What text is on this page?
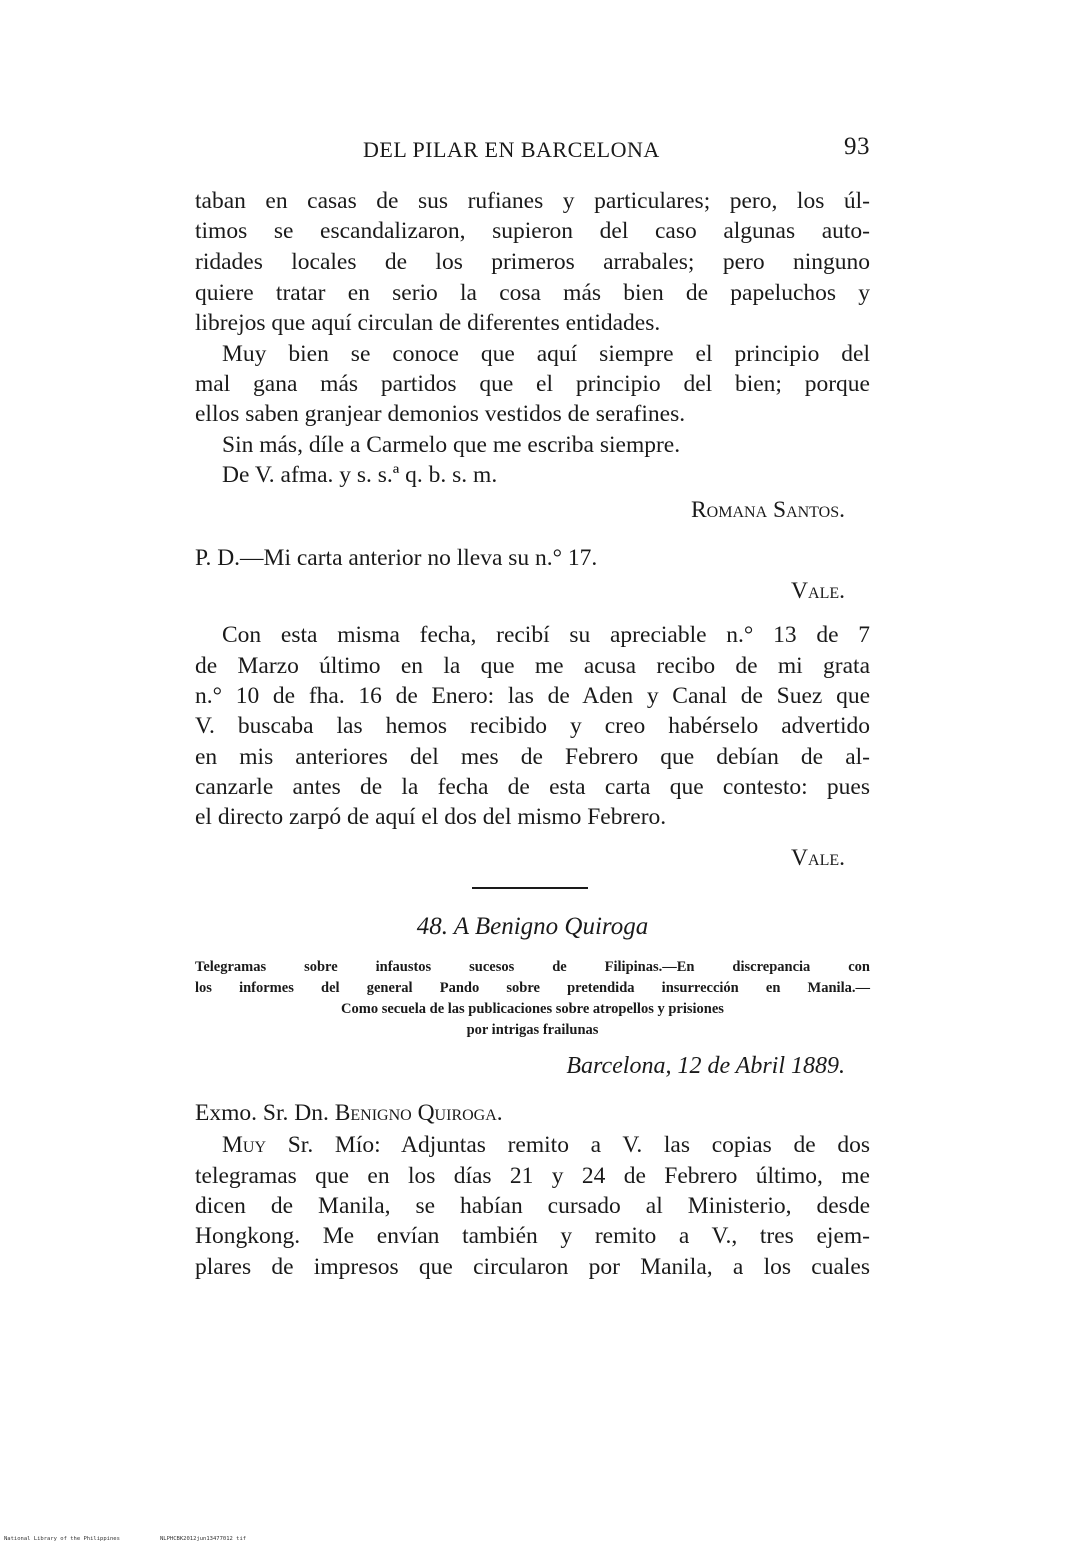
DEL PILAR EN BARCELONA	93
taban en casas de sus rufianes y particulares; pero, los úl-
timos se escandalizaron, supieron del caso algunas auto-
ridades locales de los primeros arrabales; pero ninguno
quiere tratar en serio la cosa más bien de papeluchos y
librejos que aquí circulan de diferentes entidades.
Muy bien se conoce que aquí siempre el principio del
mal gana más partidos que el principio del bien; porque
ellos saben granjear demonios vestidos de serafines.
Sin más, díle a Carmelo que me escriba siempre.
De V. afma. y s. s.ª q. b. s. m.
Romana Santos.
P. D.—Mi carta anterior no lleva su n.° 17.
Vale.
Con esta misma fecha, recibí su apreciable n.° 13 de 7
de Marzo último en la que me acusa recibo de mi grata
n.° 10 de fha. 16 de Enero: las de Aden y Canal de Suez que
V. buscaba las hemos recibido y creo habérselo advertido
en mis anteriores del mes de Febrero que debían de al-
canzarle antes de la fecha de esta carta que contesto: pues
el directo zarpó de aquí el dos del mismo Febrero.
Vale.
48. A Benigno Quiroga
Telegramas sobre infaustos sucesos de Filipinas.—En discrepancia con
los informes del general Pando sobre pretendida insurrección en Manila.—
Como secuela de las publicaciones sobre atropellos y prisiones
por intrigas frailunas
Barcelona, 12 de Abril 1889.
Exmo. Sr. Dn. Benigno Quiroga.
Muy Sr. Mío: Adjuntas remito a V. las copias de dos
telegramas que en los días 21 y 24 de Febrero último, me
dicen de Manila, se habían cursado al Ministerio, desde
Hongkong. Me envían también y remito a V., tres ejem-
plares de impresos que circularon por Manila, a los cuales
National Library of the Philippines	NLPHCBK2012jun13477012 tif
